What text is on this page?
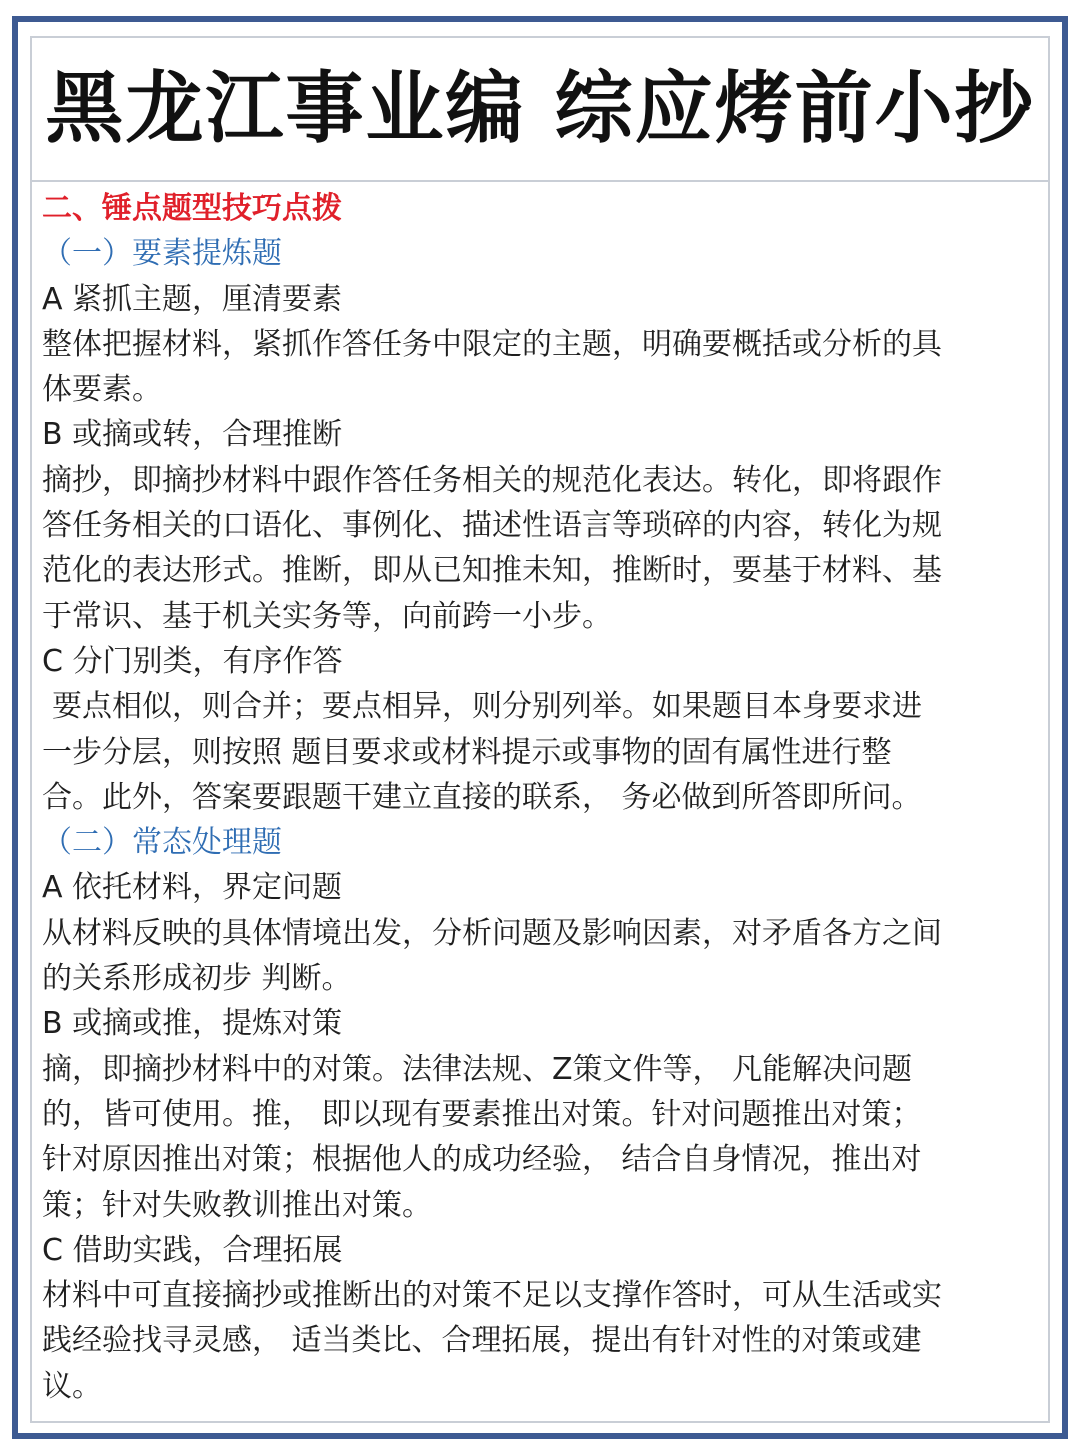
黑龙江事业编 综应烤前小抄
二、锤点题型技巧点拨
（一）要素提炼题
A 紧抓主题，厘清要素
整体把握材料，紧抓作答任务中限定的主题，明确要概括或分析的具
体要素。
B 或摘或转，合理推断
摘抄，即摘抄材料中跟作答任务相关的规范化表达。转化，即将跟作
答任务相关的口语化、事例化、描述性语言等琐碎的内容，转化为规
范化的表达形式。推断，即从已知推未知，推断时，要基于材料、基
于常识、基于机关实务等，向前跨一小步。
C 分门别类，有序作答
要点相似，则合并；要点相异，则分别列举。如果题目本身要求进
一步分层，则按照 题目要求或材料提示或事物的固有属性进行整
合。此外，答案要跟题干建立直接的联系， 务必做到所答即所问。
（二）常态处理题
A 依托材料，界定问题
从材料反映的具体情境出发，分析问题及影响因素，对矛盾各方之间
的关系形成初步 判断。
B 或摘或推，提炼对策
摘，即摘抄材料中的对策。法律法规、Z策文件等， 凡能解决问题
的，皆可使用。推， 即以现有要素推出对策。针对问题推出对策；
针对原因推出对策；根据他人的成功经验， 结合自身情况，推出对
策；针对失败教训推出对策。
C 借助实践，合理拓展
材料中可直接摘抄或推断出的对策不足以支撑作答时，可从生活或实
践经验找寻灵感， 适当类比、合理拓展，提出有针对性的对策或建
议。
